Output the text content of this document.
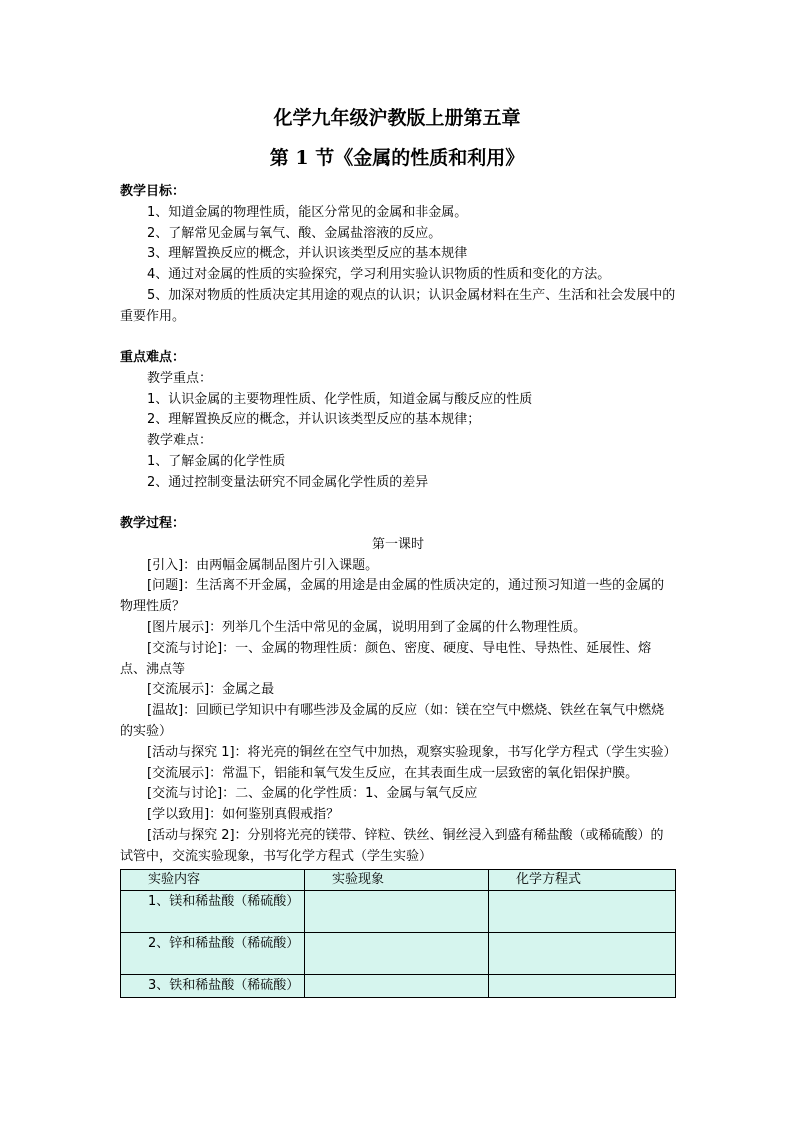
化学九年级沪教版上册第五章
第 1 节《金属的性质和利用》
教学目标：
1、知道金属的物理性质，能区分常见的金属和非金属。
2、了解常见金属与氧气、酸、金属盐溶液的反应。
3、理解置换反应的概念，并认识该类型反应的基本规律
4、通过对金属的性质的实验探究，学习利用实验认识物质的性质和变化的方法。
5、加深对物质的性质决定其用途的观点的认识；认识金属材料在生产、生活和社会发展中的重要作用。
重点难点：
教学重点：
1、认识金属的主要物理性质、化学性质，知道金属与酸反应的性质
2、理解置换反应的概念，并认识该类型反应的基本规律；
教学难点：
1、了解金属的化学性质
2、通过控制变量法研究不同金属化学性质的差异
教学过程：
第一课时
[引入]：由两幅金属制品图片引入课题。
[问题]：生活离不开金属，金属的用途是由金属的性质决定的，通过预习知道一些的金属的物理性质？
[图片展示]：列举几个生活中常见的金属，说明用到了金属的什么物理性质。
[交流与讨论]：一、金属的物理性质：颜色、密度、硬度、导电性、导热性、延展性、熔点、沸点等
[交流展示]：金属之最
[温故]：回顾已学知识中有哪些涉及金属的反应（如：镁在空气中燃烧、铁丝在氧气中燃烧的实验）
[活动与探究 1]：将光亮的铜丝在空气中加热，观察实验现象，书写化学方程式（学生实验）
[交流展示]：常温下，铝能和氧气发生反应，在其表面生成一层致密的氧化铝保护膜。
[交流与讨论]：二、金属的化学性质：1、金属与氧气反应
[学以致用]：如何鉴别真假戒指？
[活动与探究 2]：分别将光亮的镁带、锌粒、铁丝、铜丝浸入到盛有稀盐酸（或稀硫酸）的试管中，交流实验现象，书写化学方程式（学生实验）
实验内容	实验现象	化学方程式
1、镁和稀盐酸（稀硫酸）		
2、锌和稀盐酸（稀硫酸）		
3、铁和稀盐酸（稀硫酸）		
